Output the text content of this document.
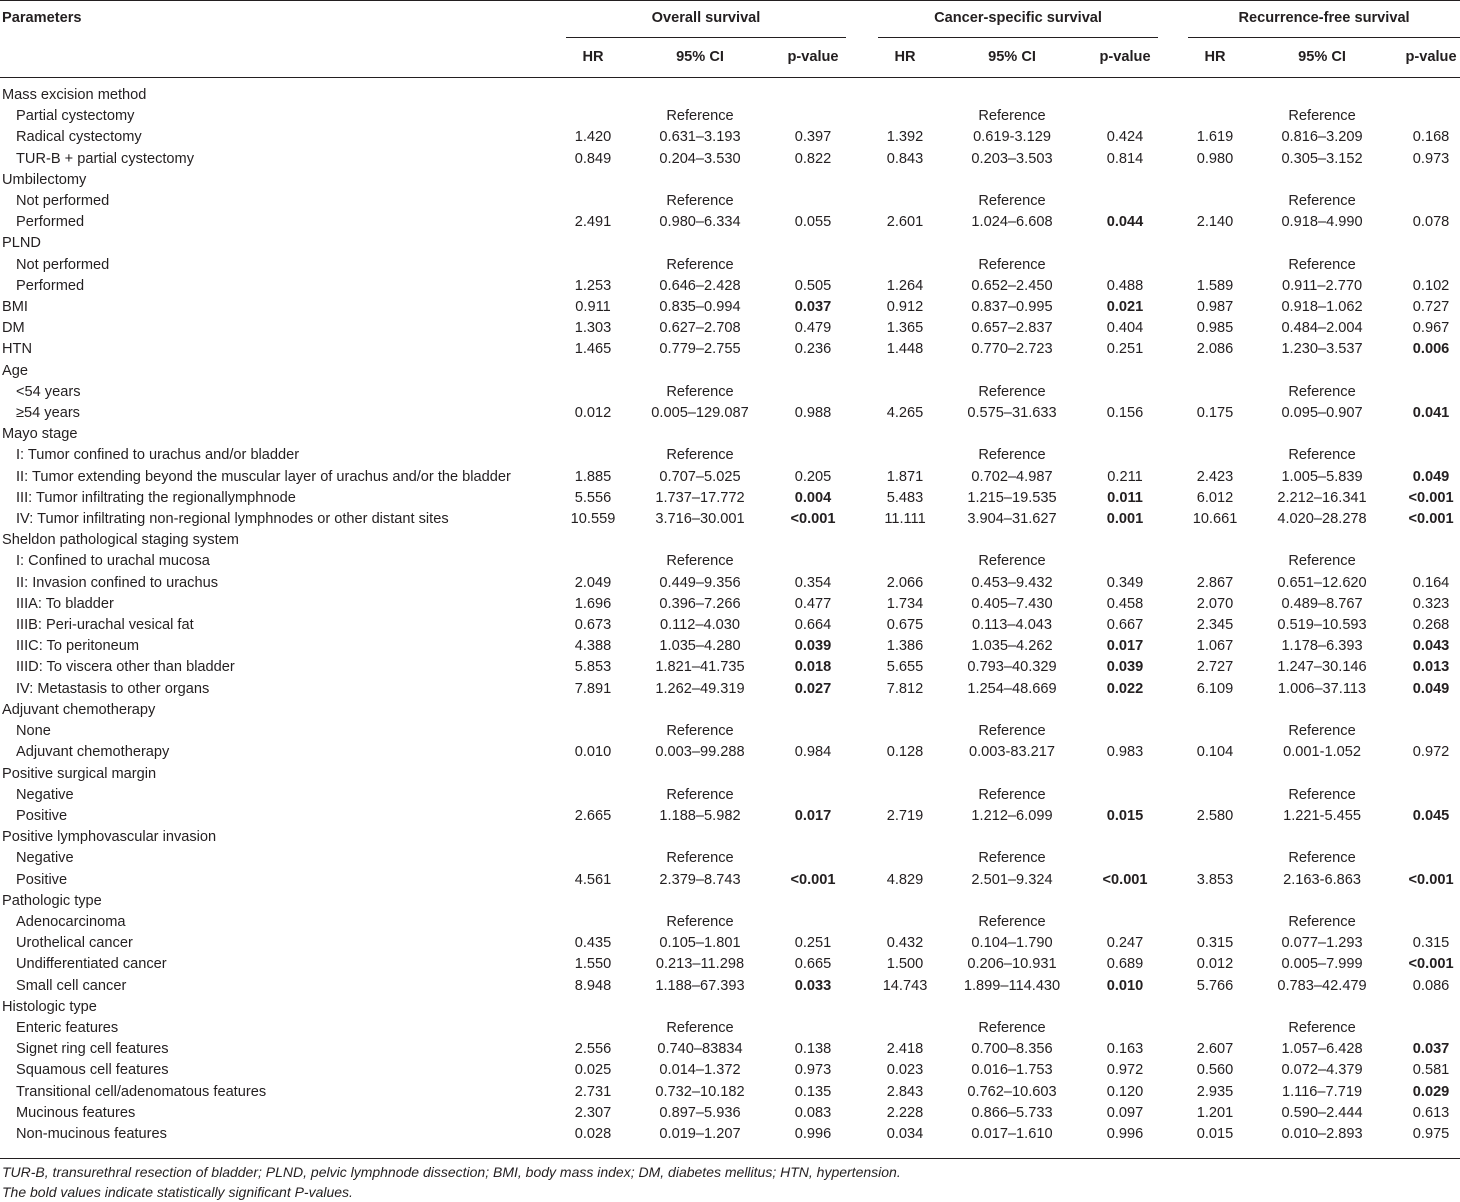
Parameters	Overall survival				Cancer-specific survival				Recurrence-free survival		
	HR	95% CI	p-value		HR	95% CI	p-value		HR	95% CI	p-value

Mass excision method											
Partial cystectomy		Reference				Reference				Reference	
Radical cystectomy	1.420	0.631–3.193	0.397		1.392	0.619-3.129	0.424		1.619	0.816–3.209	0.168
TUR-B + partial cystectomy	0.849	0.204–3.530	0.822		0.843	0.203–3.503	0.814		0.980	0.305–3.152	0.973
Umbilectomy											
Not performed		Reference				Reference				Reference	
Performed	2.491	0.980–6.334	0.055		2.601	1.024–6.608	0.044		2.140	0.918–4.990	0.078
PLND											
Not performed		Reference				Reference				Reference	
Performed	1.253	0.646–2.428	0.505		1.264	0.652–2.450	0.488		1.589	0.911–2.770	0.102
BMI	0.911	0.835–0.994	0.037		0.912	0.837–0.995	0.021		0.987	0.918–1.062	0.727
DM	1.303	0.627–2.708	0.479		1.365	0.657–2.837	0.404		0.985	0.484–2.004	0.967
HTN	1.465	0.779–2.755	0.236		1.448	0.770–2.723	0.251		2.086	1.230–3.537	0.006
Age											
<54 years		Reference				Reference				Reference	
≥54 years	0.012	0.005–129.087	0.988		4.265	0.575–31.633	0.156		0.175	0.095–0.907	0.041
Mayo stage											
I: Tumor confined to urachus and/or bladder		Reference				Reference				Reference	
II: Tumor extending beyond the muscular layer of urachus and/or the bladder	1.885	0.707–5.025	0.205		1.871	0.702–4.987	0.211		2.423	1.005–5.839	0.049
III: Tumor infiltrating the regionallymphnode	5.556	1.737–17.772	0.004		5.483	1.215–19.535	0.011		6.012	2.212–16.341	<0.001
IV: Tumor infiltrating non-regional lymphnodes or other distant sites	10.559	3.716–30.001	<0.001		11.111	3.904–31.627	0.001		10.661	4.020–28.278	<0.001
Sheldon pathological staging system											
I: Confined to urachal mucosa		Reference				Reference				Reference	
II: Invasion confined to urachus	2.049	0.449–9.356	0.354		2.066	0.453–9.432	0.349		2.867	0.651–12.620	0.164
IIIA: To bladder	1.696	0.396–7.266	0.477		1.734	0.405–7.430	0.458		2.070	0.489–8.767	0.323
IIIB: Peri-urachal vesical fat	0.673	0.112–4.030	0.664		0.675	0.113–4.043	0.667		2.345	0.519–10.593	0.268
IIIC: To peritoneum	4.388	1.035–4.280	0.039		1.386	1.035–4.262	0.017		1.067	1.178–6.393	0.043
IIID: To viscera other than bladder	5.853	1.821–41.735	0.018		5.655	0.793–40.329	0.039		2.727	1.247–30.146	0.013
IV: Metastasis to other organs	7.891	1.262–49.319	0.027		7.812	1.254–48.669	0.022		6.109	1.006–37.113	0.049
Adjuvant chemotherapy											
None		Reference				Reference				Reference	
Adjuvant chemotherapy	0.010	0.003–99.288	0.984		0.128	0.003-83.217	0.983		0.104	0.001-1.052	0.972
Positive surgical margin											
Negative		Reference				Reference				Reference	
Positive	2.665	1.188–5.982	0.017		2.719	1.212–6.099	0.015		2.580	1.221-5.455	0.045
Positive lymphovascular invasion											
Negative		Reference				Reference				Reference	
Positive	4.561	2.379–8.743	<0.001		4.829	2.501–9.324	<0.001		3.853	2.163-6.863	<0.001
Pathologic type											
Adenocarcinoma		Reference				Reference				Reference	
Urothelical cancer	0.435	0.105–1.801	0.251		0.432	0.104–1.790	0.247		0.315	0.077–1.293	0.315
Undifferentiated cancer	1.550	0.213–11.298	0.665		1.500	0.206–10.931	0.689		0.012	0.005–7.999	<0.001
Small cell cancer	8.948	1.188–67.393	0.033		14.743	1.899–114.430	0.010		5.766	0.783–42.479	0.086
Histologic type											
Enteric features		Reference				Reference				Reference	
Signet ring cell features	2.556	0.740–83834	0.138		2.418	0.700–8.356	0.163		2.607	1.057–6.428	0.037
Squamous cell features	0.025	0.014–1.372	0.973		0.023	0.016–1.753	0.972		0.560	0.072–4.379	0.581
Transitional cell/adenomatous features	2.731	0.732–10.182	0.135		2.843	0.762–10.603	0.120		2.935	1.116–7.719	0.029
Mucinous features	2.307	0.897–5.936	0.083		2.228	0.866–5.733	0.097		1.201	0.590–2.444	0.613
Non-mucinous features	0.028	0.019–1.207	0.996		0.034	0.017–1.610	0.996		0.015	0.010–2.893	0.975
TUR-B, transurethral resection of bladder; PLND, pelvic lymphnode dissection; BMI, body mass index; DM, diabetes mellitus; HTN, hypertension.
The bold values indicate statistically significant P-values.
